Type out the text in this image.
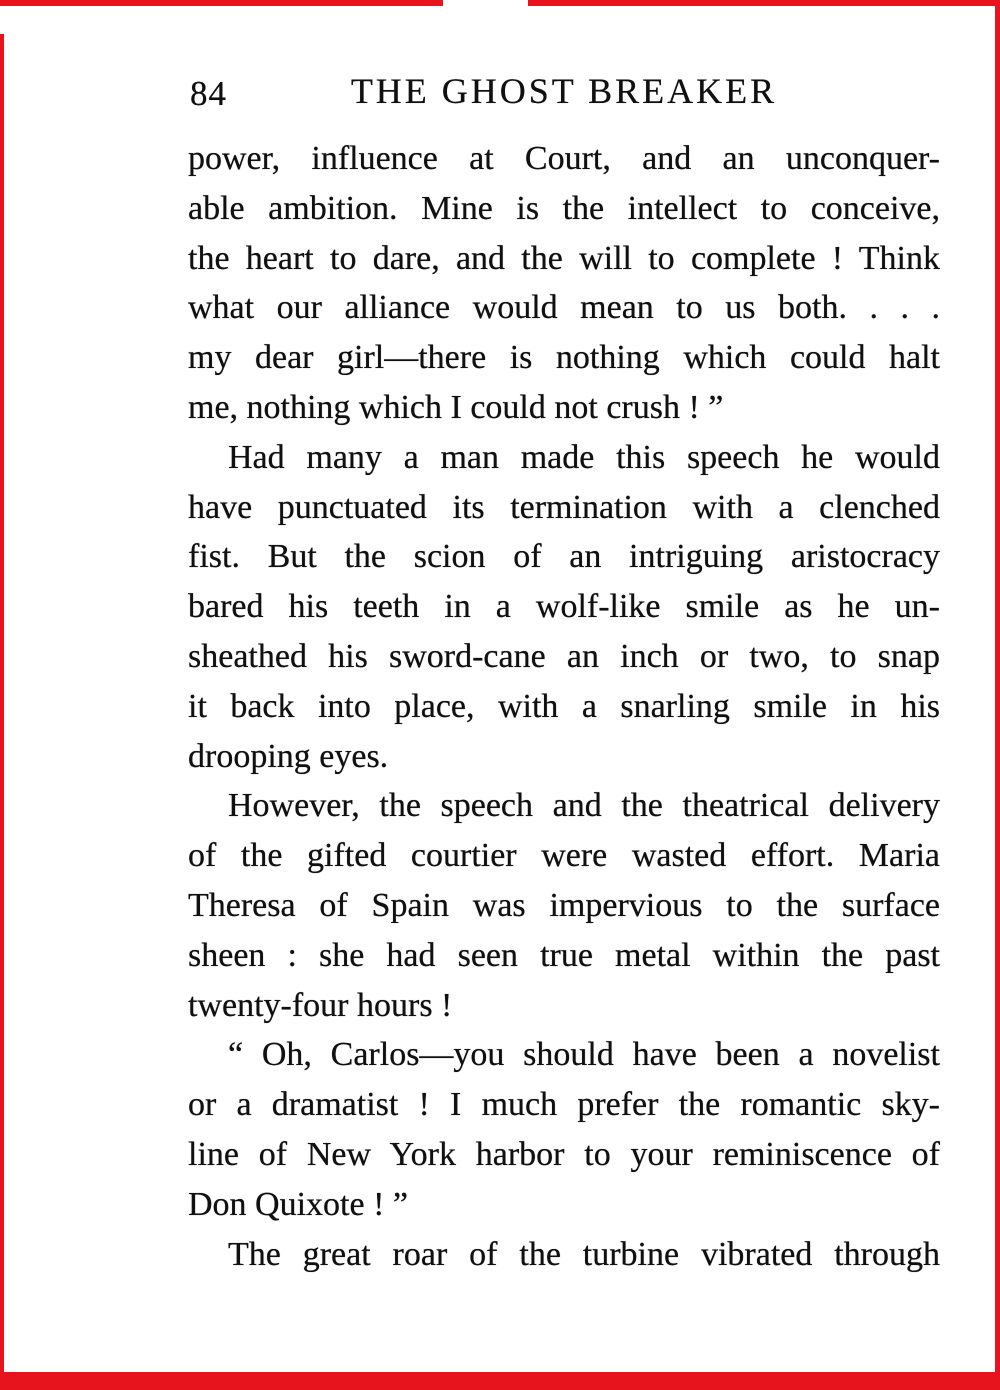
84	THE GHOST BREAKER
power, influence at Court, and an unconquer-
able ambition. Mine is the intellect to conceive,
the heart to dare, and the will to complete ! Think
what our alliance would mean to us both. . . .
my dear girl—there is nothing which could halt
me, nothing which I could not crush ! ”
Had many a man made this speech he would
have punctuated its termination with a clenched
fist. But the scion of an intriguing aristocracy
bared his teeth in a wolf-like smile as he un-
sheathed his sword-cane an inch or two, to snap
it back into place, with a snarling smile in his
drooping eyes.
However, the speech and the theatrical delivery
of the gifted courtier were wasted effort. Maria
Theresa of Spain was impervious to the surface
sheen : she had seen true metal within the past
twenty-four hours !
“ Oh, Carlos—you should have been a novelist
or a dramatist ! I much prefer the romantic sky-
line of New York harbor to your reminiscence of
Don Quixote ! ”
The great roar of the turbine vibrated through
